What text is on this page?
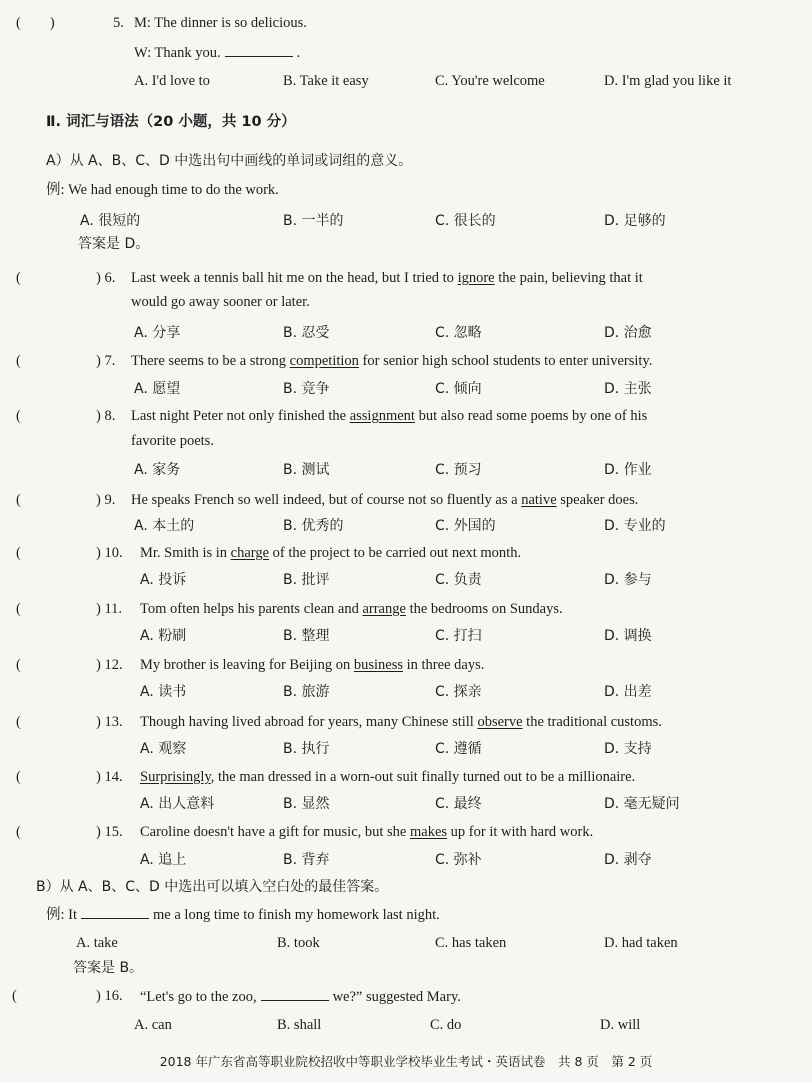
(　　)	5. M: The dinner is so delicious.
W: Thank you.	.
A. I'd love to	B. Take it easy	C. You're welcome	D. I'm glad you like it
Ⅱ. 词汇与语法（20 小题，共 10 分）
A）从 A、B、C、D 中选出句中画线的单词或词组的意义。
例: We had enough time to do the work.
A. 很短的	B. 一半的	C. 很长的	D. 足够的
答案是 D。
(	) 6. Last week a tennis ball hit me on the head, but I tried to ignore the pain, believing that it
would go away sooner or later.
A. 分享	B. 忍受	C. 忽略	D. 治愈
(	) 7. There seems to be a strong competition for senior high school students to enter university.
A. 愿望	B. 竞争	C. 倾向	D. 主张
(	) 8. Last night Peter not only finished the assignment but also read some poems by one of his
favorite poets.
A. 家务	B. 测试	C. 预习	D. 作业
(	) 9. He speaks French so well indeed, but of course not so fluently as a native speaker does.
A. 本土的	B. 优秀的	C. 外国的	D. 专业的
(	) 10. Mr. Smith is in charge of the project to be carried out next month.
A. 投诉	B. 批评	C. 负责	D. 参与
(	) 11. Tom often helps his parents clean and arrange the bedrooms on Sundays.
A. 粉刷	B. 整理	C. 打扫	D. 调换
(	) 12. My brother is leaving for Beijing on business in three days.
A. 读书	B. 旅游	C. 探亲	D. 出差
(	) 13. Though having lived abroad for years, many Chinese still observe the traditional customs.
A. 观察	B. 执行	C. 遵循	D. 支持
(	) 14. Surprisingly, the man dressed in a worn-out suit finally turned out to be a millionaire.
A. 出人意料	B. 显然	C. 最终	D. 毫无疑问
(	) 15. Caroline doesn't have a gift for music, but she makes up for it with hard work.
A. 追上	B. 背弃	C. 弥补	D. 剥夺
B）从 A、B、C、D 中选出可以填入空白处的最佳答案。
例: It	me a long time to finish my homework last night.
A. take	B. took	C. has taken	D. had taken
答案是 B。
(	) 16. “Let's go to the zoo,	we?” suggested Mary.
A. can	B. shall	C. do	D. will
2018 年广东省高等职业院校招收中等职业学校毕业生考试・英语试卷　共 8 页　第 2 页
